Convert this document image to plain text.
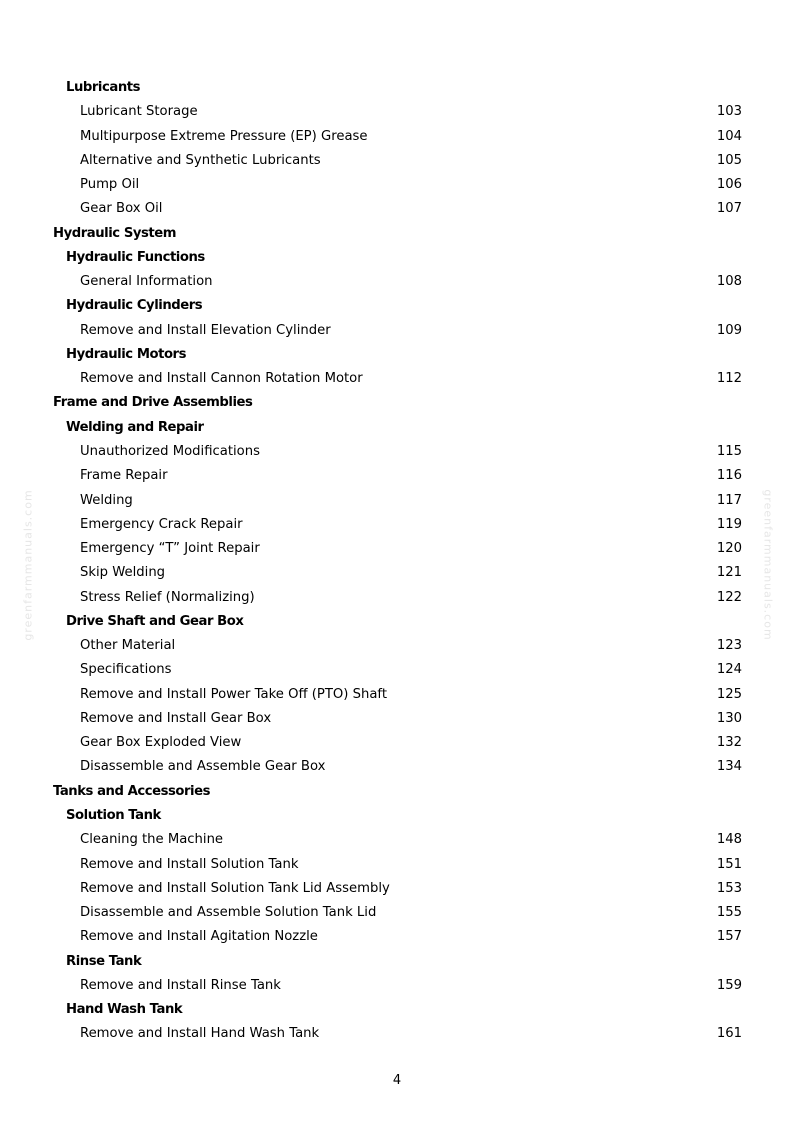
greenfarmmanuals.com	greenfarmmanuals.com
Lubricants
Lubricant Storage	103
Multipurpose Extreme Pressure (EP) Grease	104
Alternative and Synthetic Lubricants	105
Pump Oil	106
Gear Box Oil	107
Hydraulic System
Hydraulic Functions
General Information	108
Hydraulic Cylinders
Remove and Install Elevation Cylinder	109
Hydraulic Motors
Remove and Install Cannon Rotation Motor	112
Frame and Drive Assemblies
Welding and Repair
Unauthorized Modifications	115
Frame Repair	116
Welding	117
Emergency Crack Repair	119
Emergency “T” Joint Repair	120
Skip Welding	121
Stress Relief (Normalizing)	122
Drive Shaft and Gear Box
Other Material	123
Specifications	124
Remove and Install Power Take Off (PTO) Shaft	125
Remove and Install Gear Box	130
Gear Box Exploded View	132
Disassemble and Assemble Gear Box	134
Tanks and Accessories
Solution Tank
Cleaning the Machine	148
Remove and Install Solution Tank	151
Remove and Install Solution Tank Lid Assembly	153
Disassemble and Assemble Solution Tank Lid	155
Remove and Install Agitation Nozzle	157
Rinse Tank
Remove and Install Rinse Tank	159
Hand Wash Tank
Remove and Install Hand Wash Tank	161
4
